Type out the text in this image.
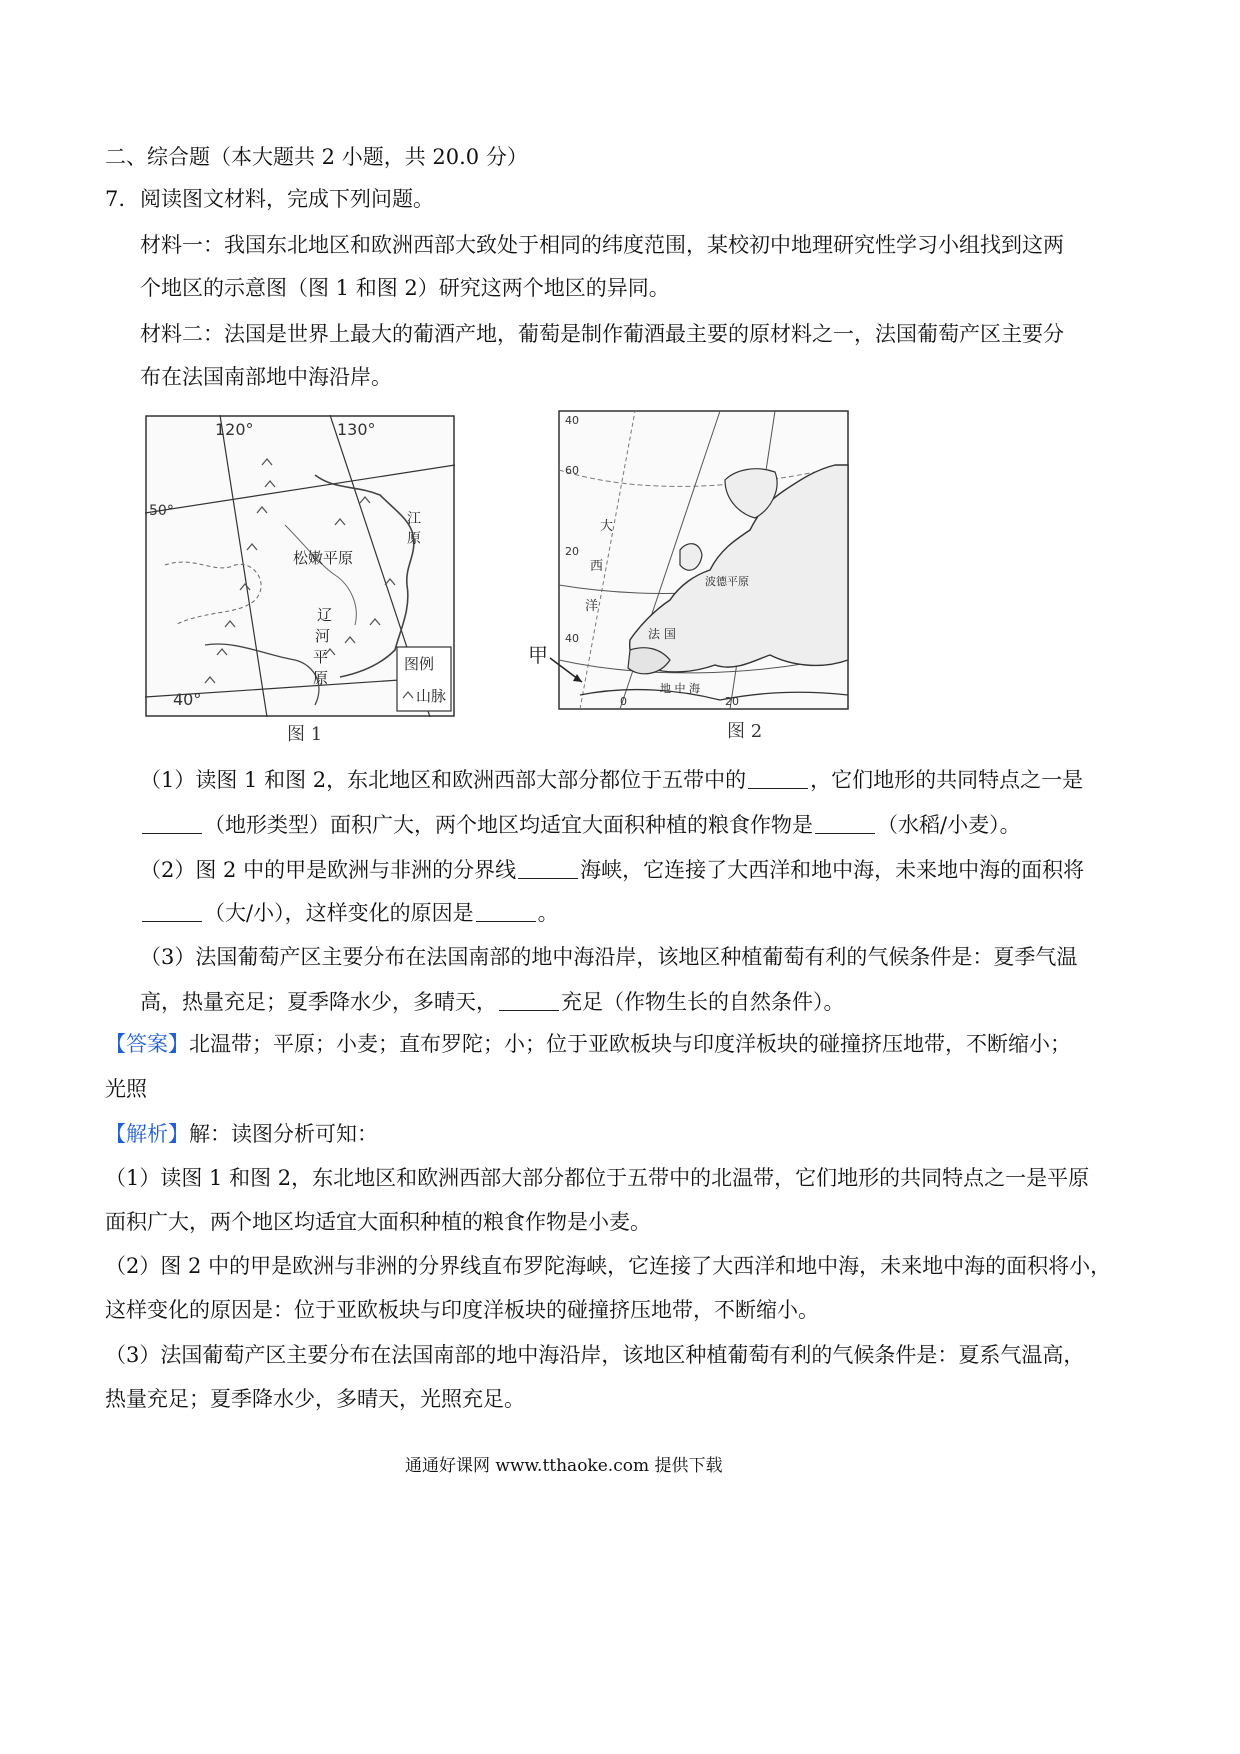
二、综合题（本大题共 2 小题，共 20.0 分）
7. 阅读图文材料，完成下列问题。
材料一：我国东北地区和欧洲西部大致处于相同的纬度范围，某校初中地理研究性学习小组找到这两
个地区的示意图（图 1 和图 2）研究这两个地区的异同。
材料二：法国是世界上最大的葡酒产地，葡萄是制作葡酒最主要的原材料之一，法国葡萄产区主要分
布在法国南部地中海沿岸。
120°	130°
50°
40°
松嫩平原
辽
河
平
原
江
原
图例
山脉
图 1
甲
40
60
20
40
0	20
大
西
洋
法 国
波德平原
地 中 海
图 2
（1）读图 1 和图 2，东北地区和欧洲西部大部分都位于五带中的	，它们地形的共同特点之一是
（地形类型）面积广大，两个地区均适宜大面积种植的粮食作物是	（水稻/小麦）。
（2）图 2 中的甲是欧洲与非洲的分界线	海峡，它连接了大西洋和地中海，未来地中海的面积将
（大/小），这样变化的原因是	。
（3）法国葡萄产区主要分布在法国南部的地中海沿岸，该地区种植葡萄有利的气候条件是：夏季气温
高，热量充足；夏季降水少，多晴天，	充足（作物生长的自然条件）。
【答案】北温带；平原；小麦；直布罗陀；小；位于亚欧板块与印度洋板块的碰撞挤压地带，不断缩小；
光照
【解析】解：读图分析可知：
（1）读图 1 和图 2，东北地区和欧洲西部大部分都位于五带中的北温带，它们地形的共同特点之一是平原
面积广大，两个地区均适宜大面积种植的粮食作物是小麦。
（2）图 2 中的甲是欧洲与非洲的分界线直布罗陀海峡，它连接了大西洋和地中海，未来地中海的面积将小，
这样变化的原因是：位于亚欧板块与印度洋板块的碰撞挤压地带，不断缩小。
（3）法国葡萄产区主要分布在法国南部的地中海沿岸，该地区种植葡萄有利的气候条件是：夏系气温高，
热量充足；夏季降水少，多晴天，光照充足。
通通好课网 www.tthaoke.com 提供下载
